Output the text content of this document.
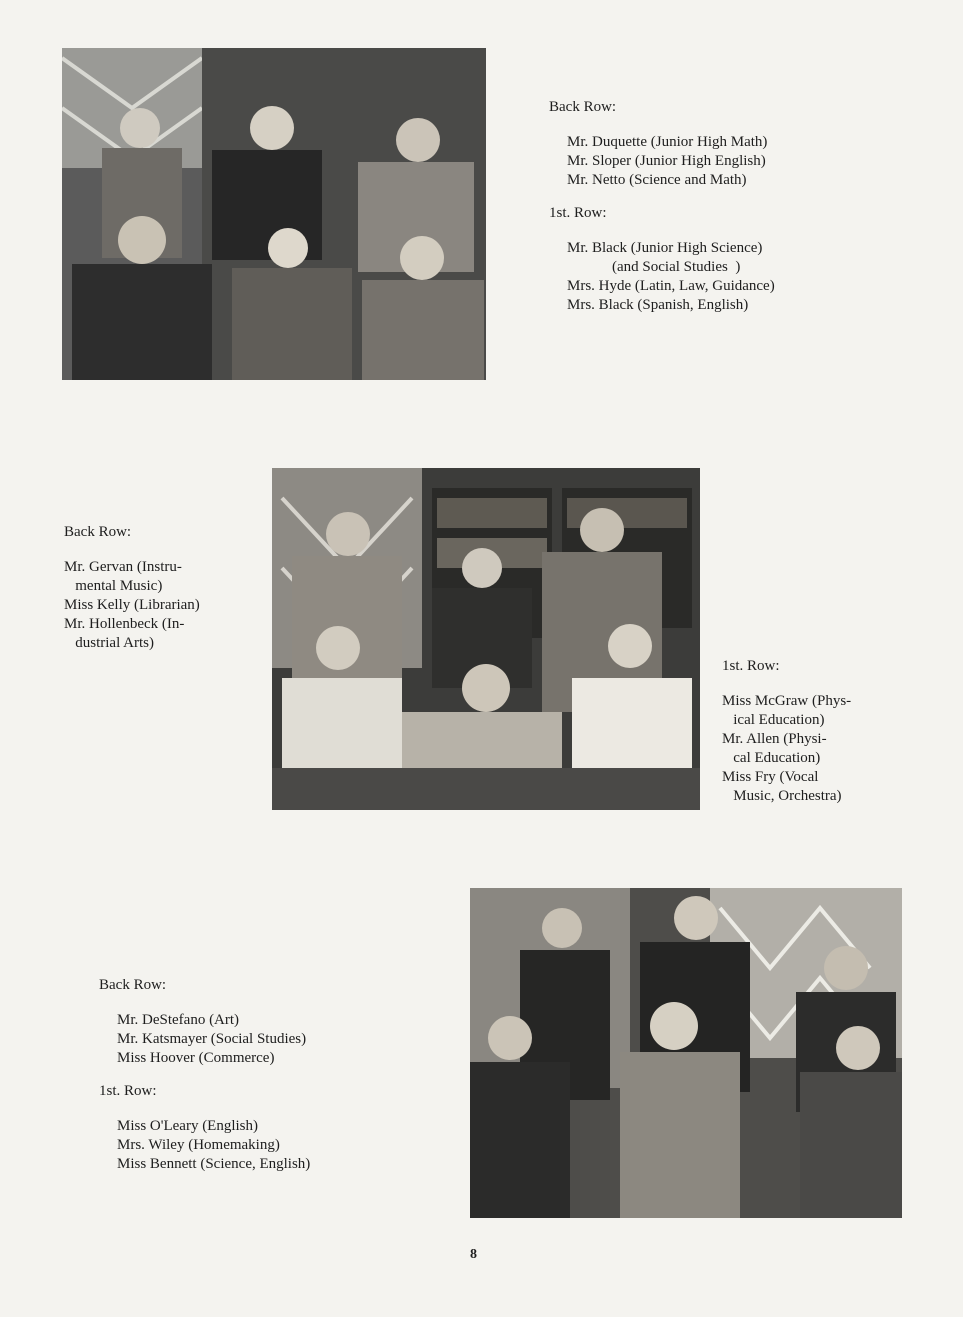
Back Row:
Mr. Duquette (Junior High Math)
Mr. Sloper (Junior High English)
Mr. Netto (Science and Math)
1st. Row:
Mr. Black (Junior High Science)
(and Social Studies  )
Mrs. Hyde (Latin, Law, Guidance)
Mrs. Black (Spanish, English)
Back Row:
Mr. Gervan (Instru-
mental Music)
Miss Kelly (Librarian)
Mr. Hollenbeck (In-
dustrial Arts)
1st. Row:
Miss McGraw (Phys-
ical Education)
Mr. Allen (Physi-
cal Education)
Miss Fry (Vocal
Music, Orchestra)
Back Row:
Mr. DeStefano (Art)
Mr. Katsmayer (Social Studies)
Miss Hoover (Commerce)
1st. Row:
Miss O'Leary (English)
Mrs. Wiley (Homemaking)
Miss Bennett (Science, English)
8
